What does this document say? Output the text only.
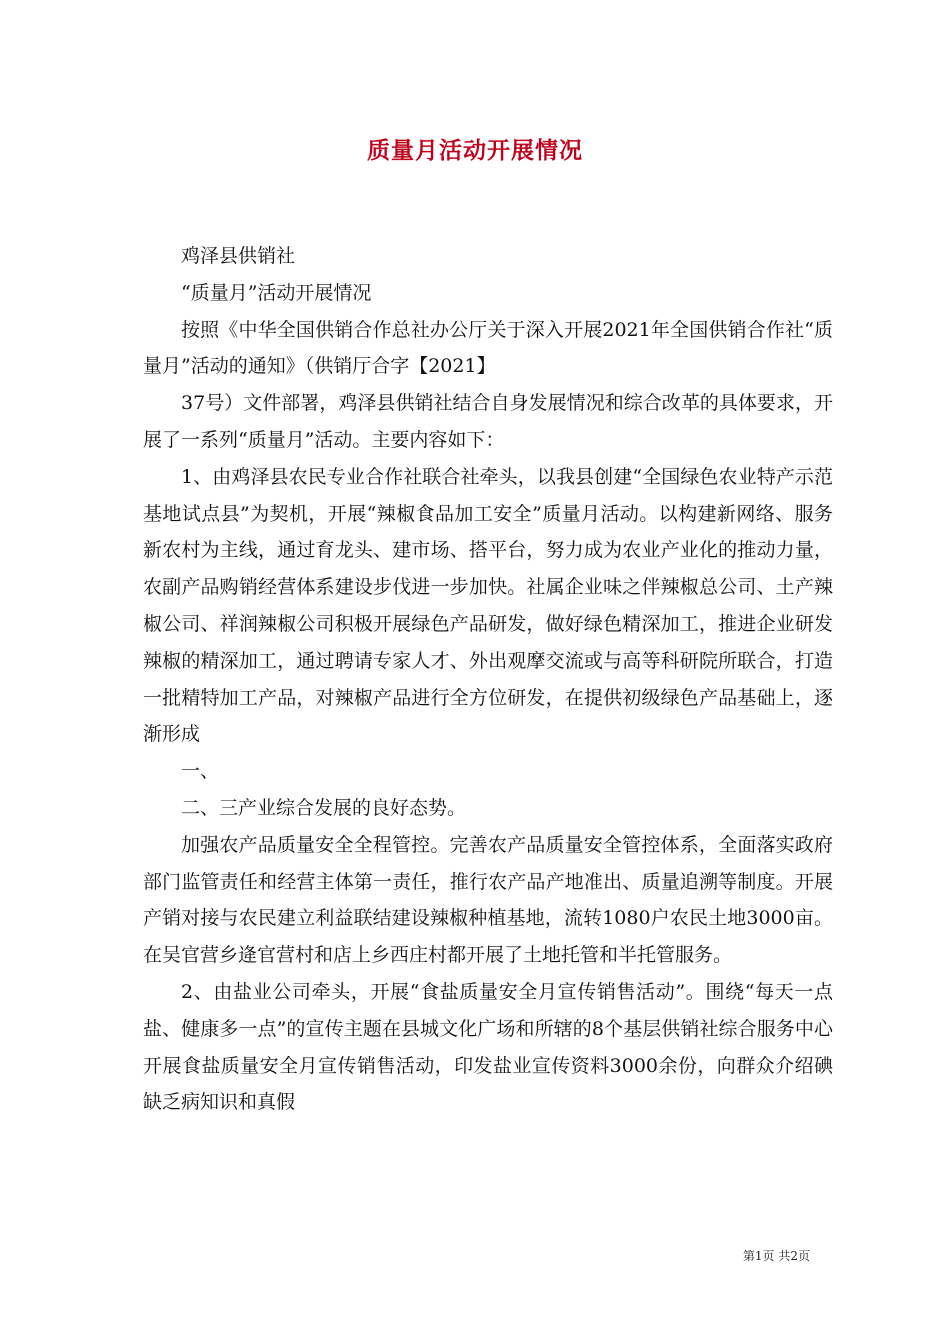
质量月活动开展情况

鸡泽县供销社

“质量月”活动开展情况

按照《中华全国供销合作总社办公厅关于深入开展2021年全国供销合作社“质量月”活动的通知》（供销厅合字【2021】

37号）文件部署，鸡泽县供销社结合自身发展情况和综合改革的具体要求，开展了一系列“质量月”活动。主要内容如下：

1、由鸡泽县农民专业合作社联合社牵头，以我县创建“全国绿色农业特产示范基地试点县”为契机，开展“辣椒食品加工安全”质量月活动。以构建新网络、服务新农村为主线，通过育龙头、建市场、搭平台，努力成为农业产业化的推动力量，农副产品购销经营体系建设步伐进一步加快。社属企业味之伴辣椒总公司、土产辣椒公司、祥润辣椒公司积极开展绿色产品研发，做好绿色精深加工，推进企业研发辣椒的精深加工，通过聘请专家人才、外出观摩交流或与高等科研院所联合，打造一批精特加工产品，对辣椒产品进行全方位研发，在提供初级绿色产品基础上，逐渐形成

一、

二、三产业综合发展的良好态势。

加强农产品质量安全全程管控。完善农产品质量安全管控体系，全面落实政府部门监管责任和经营主体第一责任，推行农产品产地准出、质量追溯等制度。开展产销对接与农民建立利益联结建设辣椒种植基地，流转1080户农民土地3000亩。在吴官营乡逄官营村和店上乡西庄村都开展了土地托管和半托管服务。

2、由盐业公司牵头，开展“食盐质量安全月宣传销售活动”。围绕“每天一点盐、健康多一点”的宣传主题在县城文化广场和所辖的8个基层供销社综合服务中心开展食盐质量安全月宣传销售活动，印发盐业宣传资料3000余份，向群众介绍碘缺乏病知识和真假

第1页 共2页
